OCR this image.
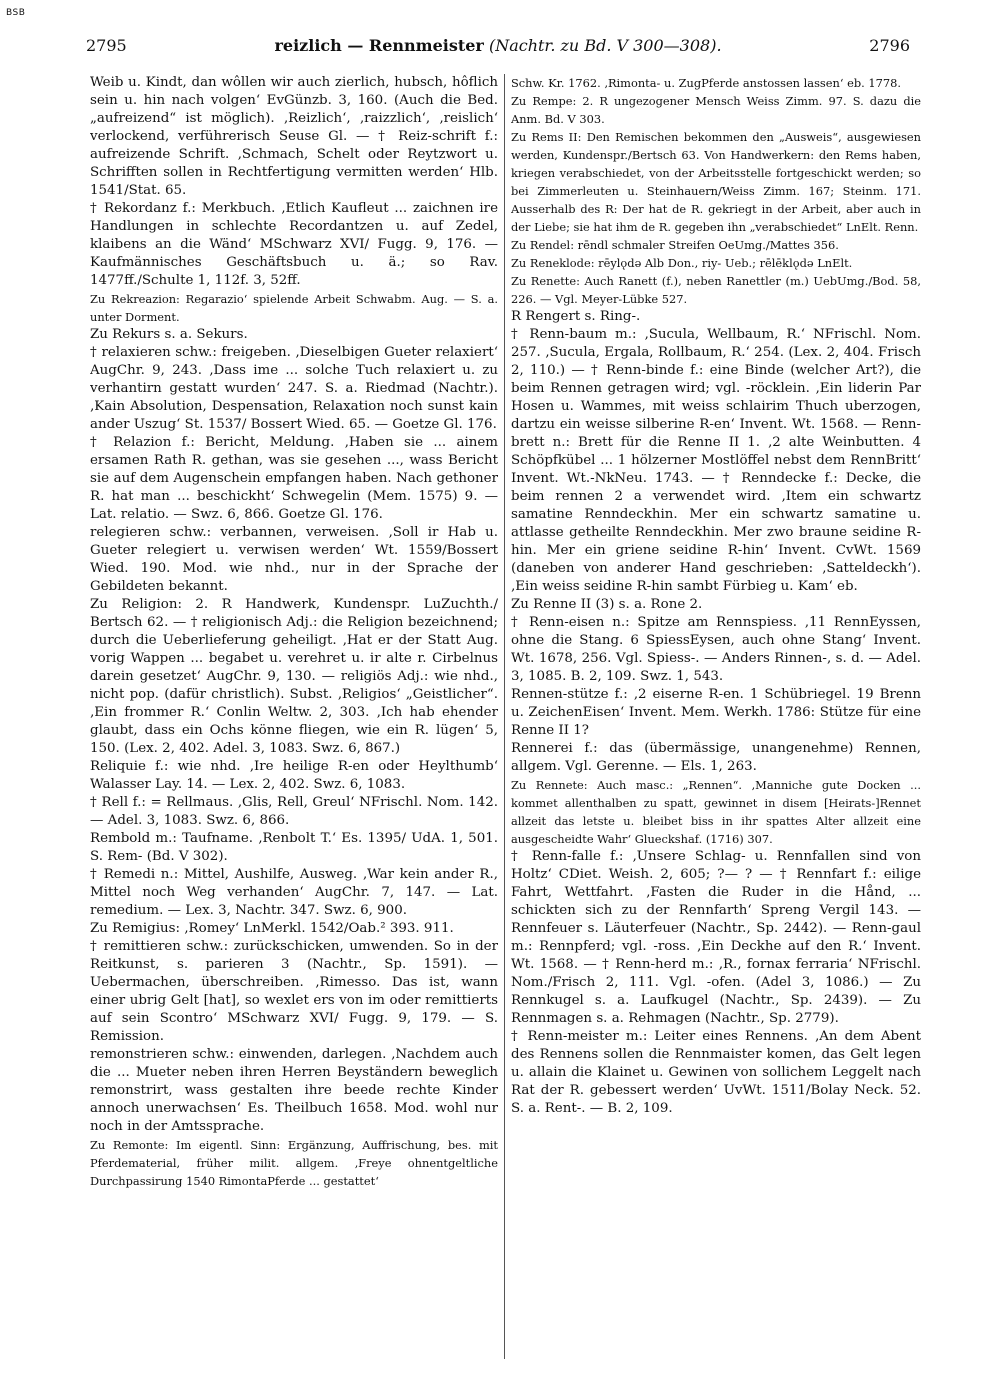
BSB
2795	reizlich — Rennmeister (Nachtr. zu Bd. V 300—308).	2796

Weib u. Kindt, dan wôllen wir auch zierlich, hubsch, hôflich sein u. hin nach volgen‘ EvGünzb. 3, 160. (Auch die Bed. „aufreizend“ ist möglich). ‚Reizlich‘, ‚raizzlich‘, ‚reislich‘ verlockend, verführerisch Seuse Gl. — † Reiz-schrift f.: aufreizende Schrift. ‚Schmach, Schelt oder Reytzwort u. Schrifften sollen in Rechtfertigung vermitten werden‘ Hlb. 1541/Stat. 65.

† Rekordanz f.: Merkbuch. ‚Etlich Kaufleut ... zaichnen ire Handlungen in schlechte Recordantzen u. auf Zedel, klaibens an die Wänd‘ MSchwarz XVI/ Fugg. 9, 176. — Kaufmännisches Geschäftsbuch u. ä.; so Rav. 1477ff./Schulte 1, 112f. 3, 52ff.

Zu Rekreazion: Regarazio‘ spielende Arbeit Schwabm. Aug. — S. a. unter Dorment.

Zu Rekurs s. a. Sekurs.

† relaxieren schw.: freigeben. ‚Dieselbigen Gueter relaxiert‘ AugChr. 9, 243. ‚Dass ime ... solche Tuch relaxiert u. zu verhantirn gestatt wurden‘ 247. S. a. Riedmad (Nachtr.). ‚Kain Absolution, Despensation, Relaxation noch sunst kain ander Uszug‘ St. 1537/ Bossert Wied. 65. — Goetze Gl. 176.

† Relazion f.: Bericht, Meldung. ‚Haben sie ... ainem ersamen Rath R. gethan, was sie gesehen ..., wass Bericht sie auf dem Augenschein empfangen haben. Nach gethoner R. hat man ... beschickht‘ Schwegelin (Mem. 1575) 9. — Lat. relatio. — Swz. 6, 866. Goetze Gl. 176.

relegieren schw.: verbannen, verweisen. ‚Soll ir Hab u. Gueter relegiert u. verwisen werden‘ Wt. 1559/Bossert Wied. 190. Mod. wie nhd., nur in der Sprache der Gebildeten bekannt.

Zu Religion: 2. R Handwerk, Kundenspr. LuZuchth./ Bertsch 62. — † religionisch Adj.: die Religion bezeichnend; durch die Ueberlieferung geheiligt. ‚Hat er der Statt Aug. vorig Wappen ... begabet u. verehret u. ir alte r. Cirbelnus darein gesetzet‘ AugChr. 9, 130. — religiös Adj.: wie nhd., nicht pop. (dafür christlich). Subst. ‚Religios‘ „Geistlicher“. ‚Ein frommer R.‘ Conlin Weltw. 2, 303. ‚Ich hab ehender glaubt, dass ein Ochs könne fliegen, wie ein R. lügen‘ 5, 150. (Lex. 2, 402. Adel. 3, 1083. Swz. 6, 867.)

Reliquie f.: wie nhd. ‚Ire heilige R-en oder Heylthumb‘ Walasser Lay. 14. — Lex. 2, 402. Swz. 6, 1083.

† Rell f.: = Rellmaus. ‚Glis, Rell, Greul‘ NFrischl. Nom. 142. — Adel. 3, 1083. Swz. 6, 866.

Rembold m.: Taufname. ‚Renbolt T.‘ Es. 1395/ UdA. 1, 501. S. Rem- (Bd. V 302).

† Remedi n.: Mittel, Aushilfe, Ausweg. ‚War kein ander R., Mittel noch Weg verhanden‘ AugChr. 7, 147. — Lat. remedium. — Lex. 3, Nachtr. 347. Swz. 6, 900.

Zu Remigius: ‚Romey‘ LnMerkl. 1542/Oab.² 393. 911.

† remittieren schw.: zurückschicken, umwenden. So in der Reitkunst, s. parieren 3 (Nachtr., Sp. 1591). — Uebermachen, überschreiben. ‚Rimesso. Das ist, wann einer ubrig Gelt [hat], so wexlet ers von im oder remittierts auf sein Scontro‘ MSchwarz XVI/ Fugg. 9, 179. — S. Remission.

remonstrieren schw.: einwenden, darlegen. ‚Nachdem auch die ... Mueter neben ihren Herren Beyständern beweglich remonstrirt, wass gestalten ihre beede rechte Kinder annoch unerwachsen‘ Es. Theilbuch 1658. Mod. wohl nur noch in der Amtssprache.

Zu Remonte: Im eigentl. Sinn: Ergänzung, Auffrischung, bes. mit Pferdematerial, früher milit. allgem. ‚Freye ohnentgeltliche Durchpassirung 1540 RimontaPferde ... gestattet‘

Schw. Kr. 1762. ‚Rimonta- u. ZugPferde anstossen lassen‘ eb. 1778.

Zu Rempe: 2. R ungezogener Mensch Weiss Zimm. 97. S. dazu die Anm. Bd. V 303.

Zu Rems II: Den Remischen bekommen den „Ausweis“, ausgewiesen werden, Kundenspr./Bertsch 63. Von Handwerkern: den Rems haben, kriegen verabschiedet, von der Arbeitsstelle fortgeschickt werden; so bei Zimmerleuten u. Steinhauern/Weiss Zimm. 167; Steinm. 171. Ausserhalb des R: Der hat de R. gekriegt in der Arbeit, aber auch in der Liebe; sie hat ihm de R. gegeben ihn „verabschiedet“ LnElt. Renn.

Zu Rendel: rēndl schmaler Streifen OeUmg./Mattes 356.

Zu Reneklode: rēylǫdə Alb Don., riy- Ueb.; rēlēklǫdə LnElt.

Zu Renette: Auch Ranett (f.), neben Ranettler (m.) UebUmg./Bod. 58, 226. — Vgl. Meyer-Lübke 527.

R Rengert s. Ring-.

† Renn-baum m.: ‚Sucula, Wellbaum, R.‘ NFrischl. Nom. 257. ‚Sucula, Ergala, Rollbaum, R.‘ 254. (Lex. 2, 404. Frisch 2, 110.) — † Renn-binde f.: eine Binde (welcher Art?), die beim Rennen getragen wird; vgl. -röcklein. ‚Ein liderin Par Hosen u. Wammes, mit weiss schlairim Thuch uberzogen, dartzu ein weisse silberine R-en‘ Invent. Wt. 1568. — Renn-brett n.: Brett für die Renne II 1. ‚2 alte Weinbutten. 4 Schöpfkübel ... 1 hölzerner Mostlöffel nebst dem RennBritt‘ Invent. Wt.-NkNeu. 1743. — † Renndecke f.: Decke, die beim rennen 2 a verwendet wird. ‚Item ein schwartz samatine Renndeckhin. Mer ein schwartz samatine u. attlasse getheilte Renndeckhin. Mer zwo braune seidine R-hin. Mer ein griene seidine R-hin‘ Invent. CvWt. 1569 (daneben von anderer Hand geschrieben: ‚Satteldeckh‘). ‚Ein weiss seidine R-hin sambt Fürbieg u. Kam‘ eb.

Zu Renne II (3) s. a. Rone 2.

† Renn-eisen n.: Spitze am Rennspiess. ‚11 RennEyssen, ohne die Stang. 6 SpiessEysen, auch ohne Stang‘ Invent. Wt. 1678, 256. Vgl. Spiess-. — Anders Rinnen-, s. d. — Adel. 3, 1085. B. 2, 109. Swz. 1, 543.

Rennen-stütze f.: ‚2 eiserne R-en. 1 Schübriegel. 19 Brenn u. ZeichenEisen‘ Invent. Mem. Werkh. 1786: Stütze für eine Renne II 1?

Rennerei f.: das (übermässige, unangenehme) Rennen, allgem. Vgl. Gerenne. — Els. 1, 263.

Zu Rennete: Auch masc.: „Rennen“. ‚Manniche gute Docken ... kommet allenthalben zu spatt, gewinnet in disem [Heirats-]Rennet allzeit das letste u. bleibet biss in ihr spattes Alter allzeit eine ausgescheidte Wahr‘ Glueckshaf. (1716) 307.

† Renn-falle f.: ‚Unsere Schlag- u. Rennfallen sind von Holtz‘ CDiet. Weish. 2, 605; ?— ? — † Rennfart f.: eilige Fahrt, Wettfahrt. ‚Fasten die Ruder in die Hånd, ... schickten sich zu der Rennfarth‘ Spreng Vergil 143. — Rennfeuer s. Läuterfeuer (Nachtr., Sp. 2442). — Renn-gaul m.: Rennpferd; vgl. -ross. ‚Ein Deckhe auf den R.‘ Invent. Wt. 1568. — † Renn-herd m.: ‚R., fornax ferraria‘ NFrischl. Nom./Frisch 2, 111. Vgl. -ofen. (Adel 3, 1086.) — Zu Rennkugel s. a. Laufkugel (Nachtr., Sp. 2439). — Zu Rennmagen s. a. Rehmagen (Nachtr., Sp. 2779).

† Renn-meister m.: Leiter eines Rennens. ‚An dem Abent des Rennens sollen die Rennmaister komen, das Gelt legen u. allain die Klainet u. Gewinen von sollichem Leggelt nach Rat der R. gebessert werden‘ UvWt. 1511/Bolay Neck. 52. S. a. Rent-. — B. 2, 109.
